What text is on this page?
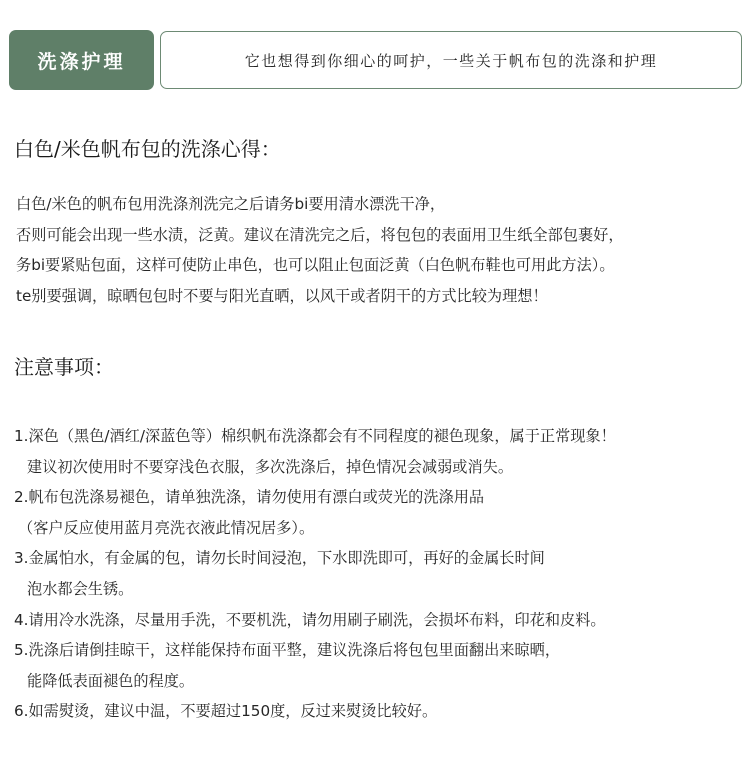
洗涤护理	它也想得到你细心的呵护，一些关于帆布包的洗涤和护理
白色/米色帆布包的洗涤心得：
白色/米色的帆布包用洗涤剂洗完之后请务bi要用清水漂洗干净，
否则可能会出现一些水渍，泛黄。建议在清洗完之后，将包包的表面用卫生纸全部包裹好，
务bi要紧贴包面，这样可使防止串色，也可以阻止包面泛黄（白色帆布鞋也可用此方法）。
te别要强调，晾晒包包时不要与阳光直晒，以风干或者阴干的方式比较为理想！
注意事项：
1.深色（黑色/酒红/深蓝色等）棉织帆布洗涤都会有不同程度的褪色现象，属于正常现象！
建议初次使用时不要穿浅色衣服，多次洗涤后，掉色情况会减弱或消失。
2.帆布包洗涤易褪色，请单独洗涤，请勿使用有漂白或荧光的洗涤用品
（客户反应使用蓝月亮洗衣液此情况居多）。
3.金属怕水，有金属的包，请勿长时间浸泡，下水即洗即可，再好的金属长时间
泡水都会生锈。
4.请用冷水洗涤，尽量用手洗，不要机洗，请勿用刷子刷洗，会损坏布料，印花和皮料。
5.洗涤后请倒挂晾干，这样能保持布面平整，建议洗涤后将包包里面翻出来晾晒，
能降低表面褪色的程度。
6.如需熨烫，建议中温，不要超过150度，反过来熨烫比较好。
